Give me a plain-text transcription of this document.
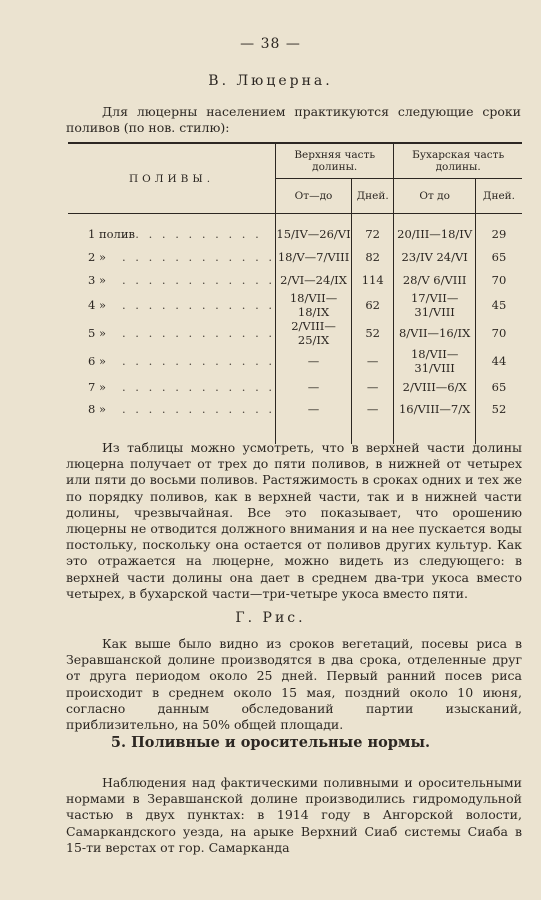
— 38 —
В. Люцерна.
Для люцерны населением практикуются следующие сроки поливов (по нов. стилю):
ПОЛИВЫ.	Верхняя часть долины.		Бухарская часть долины.	
	От—до	Дней.	От до	Дней.
1 полив. . . . . . . . . . .	15/IV—26/VI	72	20/III—18/IV	29
2 » . . . . . . . . . . . .	18/V—7/VIII	82	23/IV 24/VI	65
3 » . . . . . . . . . . . .	2/VI—24/IX	114	28/V 6/VIII	70
4 » . . . . . . . . . . . .	18/VII—18/IX	62	17/VII—31/VIII	45
5 » . . . . . . . . . . . .	2/VIII—25/IX	52	8/VII—16/IX	70
6 » . . . . . . . . . . . .	—	—	18/VII—31/VIII	44
7 » . . . . . . . . . . . .	—	—	2/VIII—6/X	65
8 » . . . . . . . . . . . .	—	—	16/VIII—7/X	52
Из таблицы можно усмотреть, что в верхней части долины люцерна получает от трех до пяти поливов, в нижней от четырех или пяти до восьми поливов. Растяжимость в сроках одних и тех же по порядку поливов, как в верхней части, так и в нижней части долины, чрезвычайная. Все это показывает, что орошению люцерны не отводится должного внимания и на нее пускается воды постольку, поскольку она остается от поливов других культур. Как это отражается на люцерне, можно видеть из следующего: в верхней части долины она дает в среднем два-три укоса вместо четырех, в бухарской части—три-четыре укоса вместо пяти.
Г. Рис.
Как выше было видно из сроков вегетаций, посевы риса в Зеравшанской долине производятся в два срока, отделенные друг от друга периодом около 25 дней. Первый ранний посев риса происходит в среднем около 15 мая, поздний около 10 июня, согласно данным обследований партии изысканий, приблизительно, на 50% общей площади.
5. Поливные и оросительные нормы.
Наблюдения над фактическими поливными и оросительными нормами в Зеравшанской долине производились гидромодульной частью в двух пунктах: в 1914 году в Ангорской волости, Самаркандского уезда, на арыке Верхний Сиаб системы Сиаба в 15-ти верстах от гор. Самарканда
